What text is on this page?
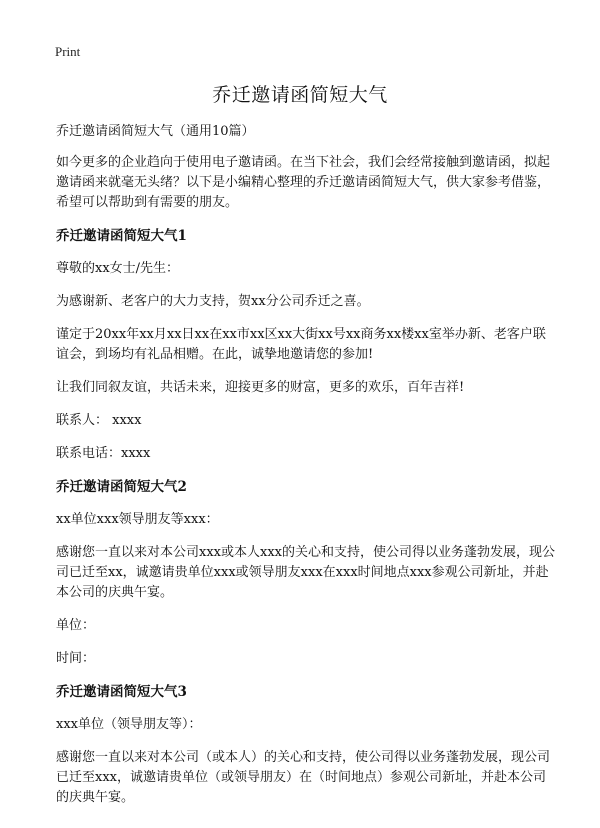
Print
乔迁邀请函简短大气

乔迁邀请函简短大气（通用10篇）

如今更多的企业趋向于使用电子邀请函。在当下社会，我们会经常接触到邀请函，拟起邀请函来就毫无头绪？以下是小编精心整理的乔迁邀请函简短大气，供大家参考借鉴，希望可以帮助到有需要的朋友。

乔迁邀请函简短大气1

尊敬的xx女士/先生：

为感谢新、老客户的大力支持，贺xx分公司乔迁之喜。

谨定于20xx年xx月xx日xx在xx市xx区xx大街xx号xx商务xx楼xx室举办新、老客户联谊会，到场均有礼品相赠。在此，诚挚地邀请您的参加!

让我们同叙友谊，共话未来，迎接更多的财富，更多的欢乐，百年吉祥!

联系人： xxxx

联系电话：xxxx

乔迁邀请函简短大气2

xx单位xxx领导朋友等xxx：

感谢您一直以来对本公司xxx或本人xxx的关心和支持，使公司得以业务蓬勃发展，现公司已迁至xx，诚邀请贵单位xxx或领导朋友xxx在xxx时间地点xxx参观公司新址，并赴本公司的庆典午宴。

单位：

时间：

乔迁邀请函简短大气3

xxx单位（领导朋友等）：

感谢您一直以来对本公司（或本人）的关心和支持，使公司得以业务蓬勃发展，现公司已迁至xxx，诚邀请贵单位（或领导朋友）在（时间地点）参观公司新址，并赴本公司的庆典午宴。
